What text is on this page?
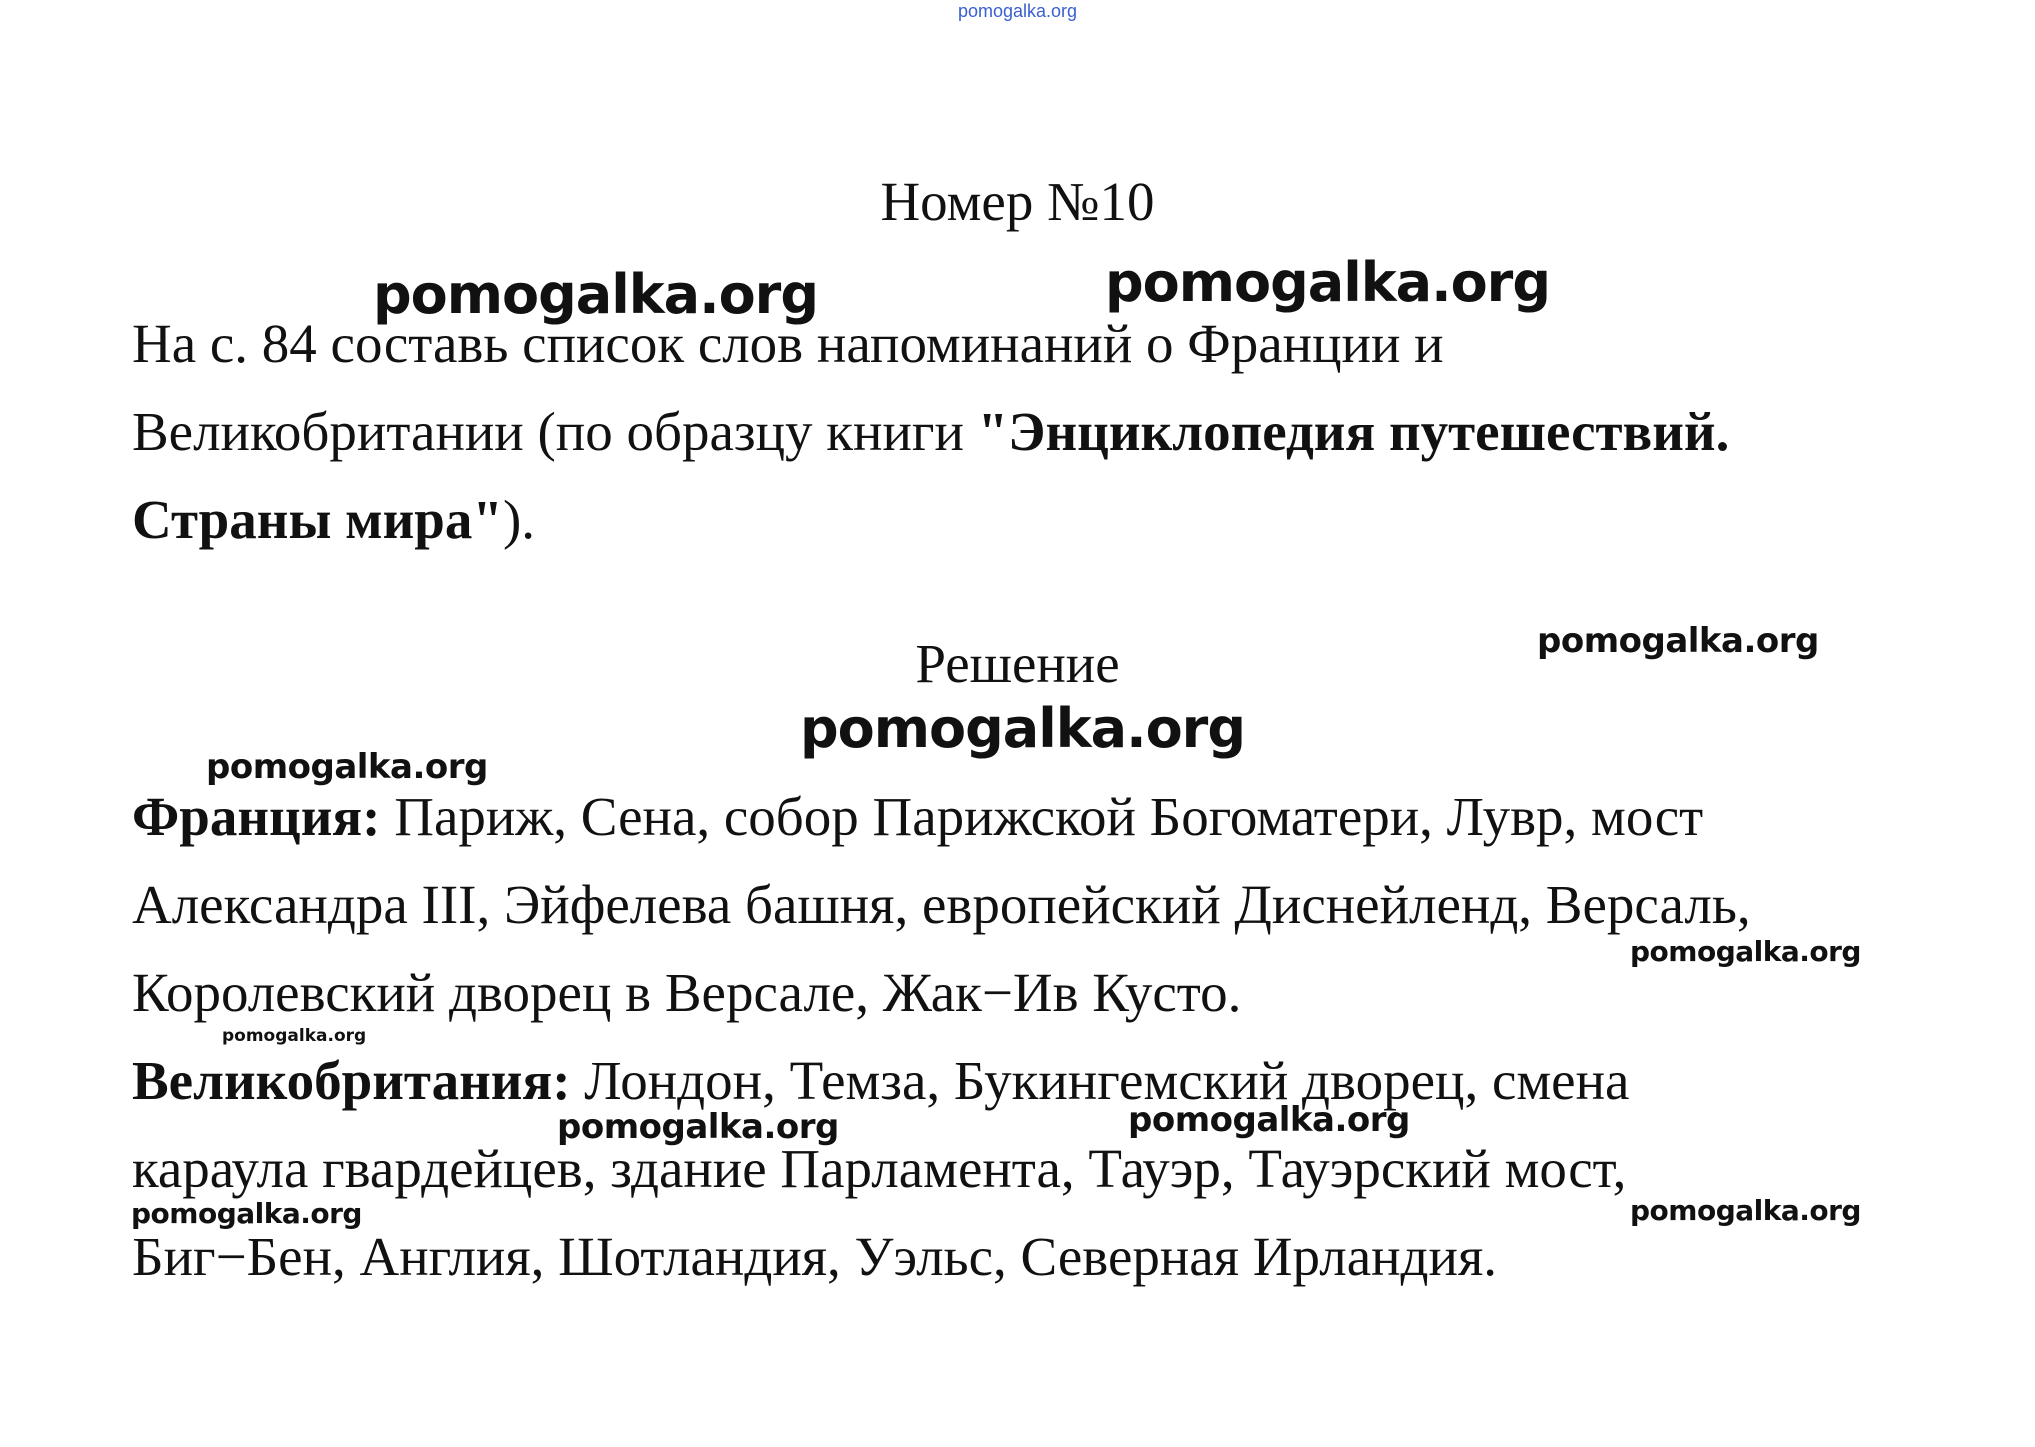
pomogalka.org
Номер №10
На с. 84 составь список слов напоминаний о Франции и
Великобритании (по образцу книги "Энциклопедия путешествий.
Страны мира").
Решение
Франция: Париж, Сена, собор Парижской Богоматери, Лувр, мост
Александра III, Эйфелева башня, европейский Диснейленд, Версаль,
Королевский дворец в Версале, Жак−Ив Кусто.
Великобритания: Лондон, Темза, Букингемский дворец, смена
караула гвардейцев, здание Парламента, Тауэр, Тауэрский мост,
Биг−Бен, Англия, Шотландия, Уэльс, Северная Ирландия.
pomogalka.org	pomogalka.org
pomogalka.org
pomogalka.org
pomogalka.org
pomogalka.org
pomogalka.org
pomogalka.org	pomogalka.org
pomogalka.org	pomogalka.org
